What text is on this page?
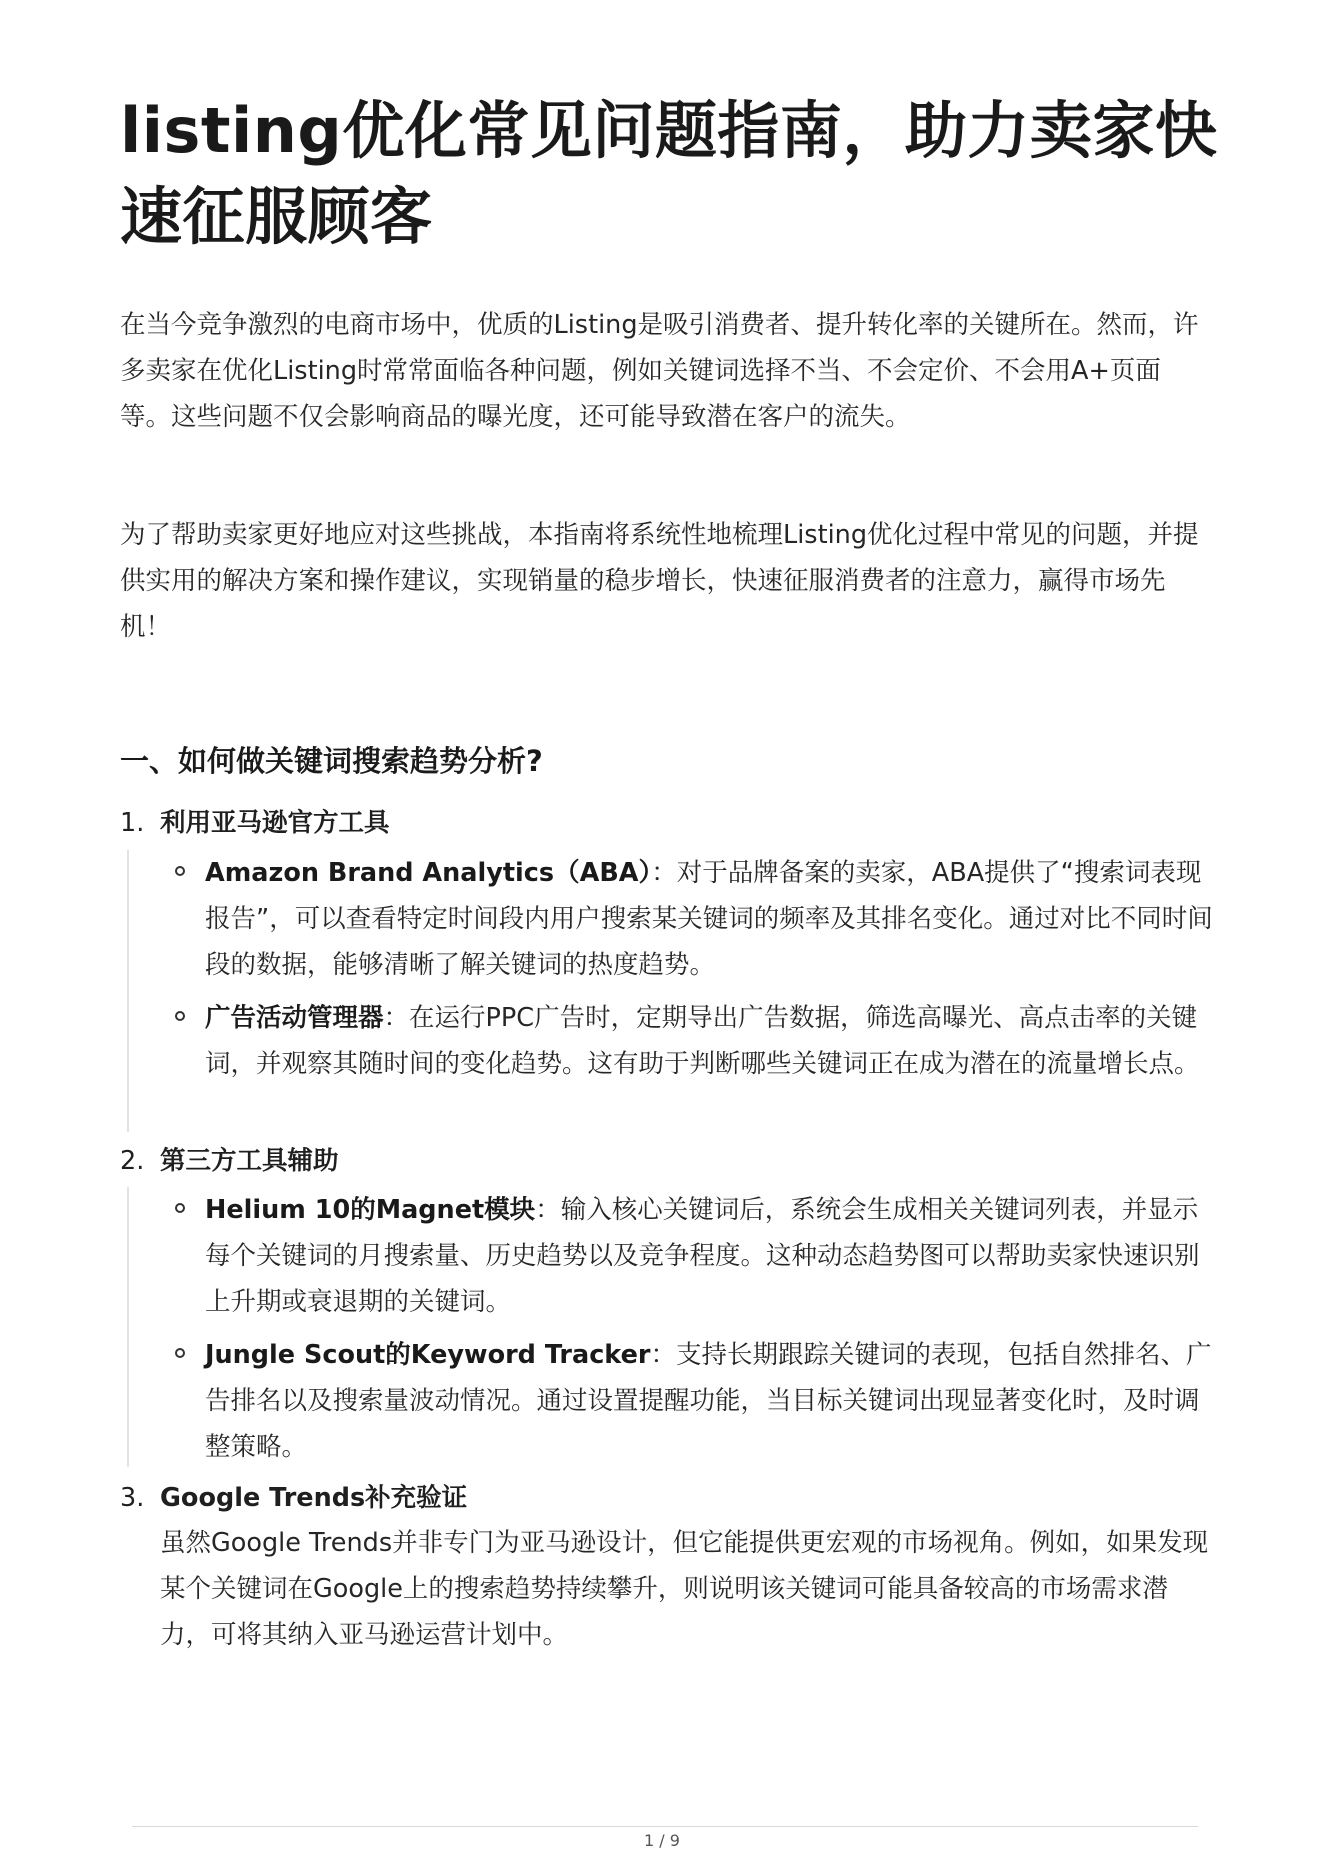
listing优化常见问题指南，助力卖家快速征服顾客

在当今竞争激烈的电商市场中，优质的Listing是吸引消费者、提升转化率的关键所在。然而，许多卖家在优化Listing时常常面临各种问题，例如关键词选择不当、不会定价、不会用A+页面等。这些问题不仅会影响商品的曝光度，还可能导致潜在客户的流失。

为了帮助卖家更好地应对这些挑战，本指南将系统性地梳理Listing优化过程中常见的问题，并提供实用的解决方案和操作建议，实现销量的稳步增长，快速征服消费者的注意力，赢得市场先机！

一、如何做关键词搜索趋势分析?
1. 利用亚马逊官方工具

Amazon Brand Analytics（ABA）：对于品牌备案的卖家，ABA提供了“搜索词表现报告”，可以查看特定时间段内用户搜索某关键词的频率及其排名变化。通过对比不同时间段的数据，能够清晰了解关键词的热度趋势。

广告活动管理器：在运行PPC广告时，定期导出广告数据，筛选高曝光、高点击率的关键词，并观察其随时间的变化趋势。这有助于判断哪些关键词正在成为潜在的流量增长点。

2. 第三方工具辅助

Helium 10的Magnet模块：输入核心关键词后，系统会生成相关关键词列表，并显示每个关键词的月搜索量、历史趋势以及竞争程度。这种动态趋势图可以帮助卖家快速识别上升期或衰退期的关键词。

Jungle Scout的Keyword Tracker：支持长期跟踪关键词的表现，包括自然排名、广告排名以及搜索量波动情况。通过设置提醒功能，当目标关键词出现显著变化时，及时调整策略。

3. Google Trends补充验证

虽然Google Trends并非专门为亚马逊设计，但它能提供更宏观的市场视角。例如，如果发现某个关键词在Google上的搜索趋势持续攀升，则说明该关键词可能具备较高的市场需求潜力，可将其纳入亚马逊运营计划中。

1 / 9
